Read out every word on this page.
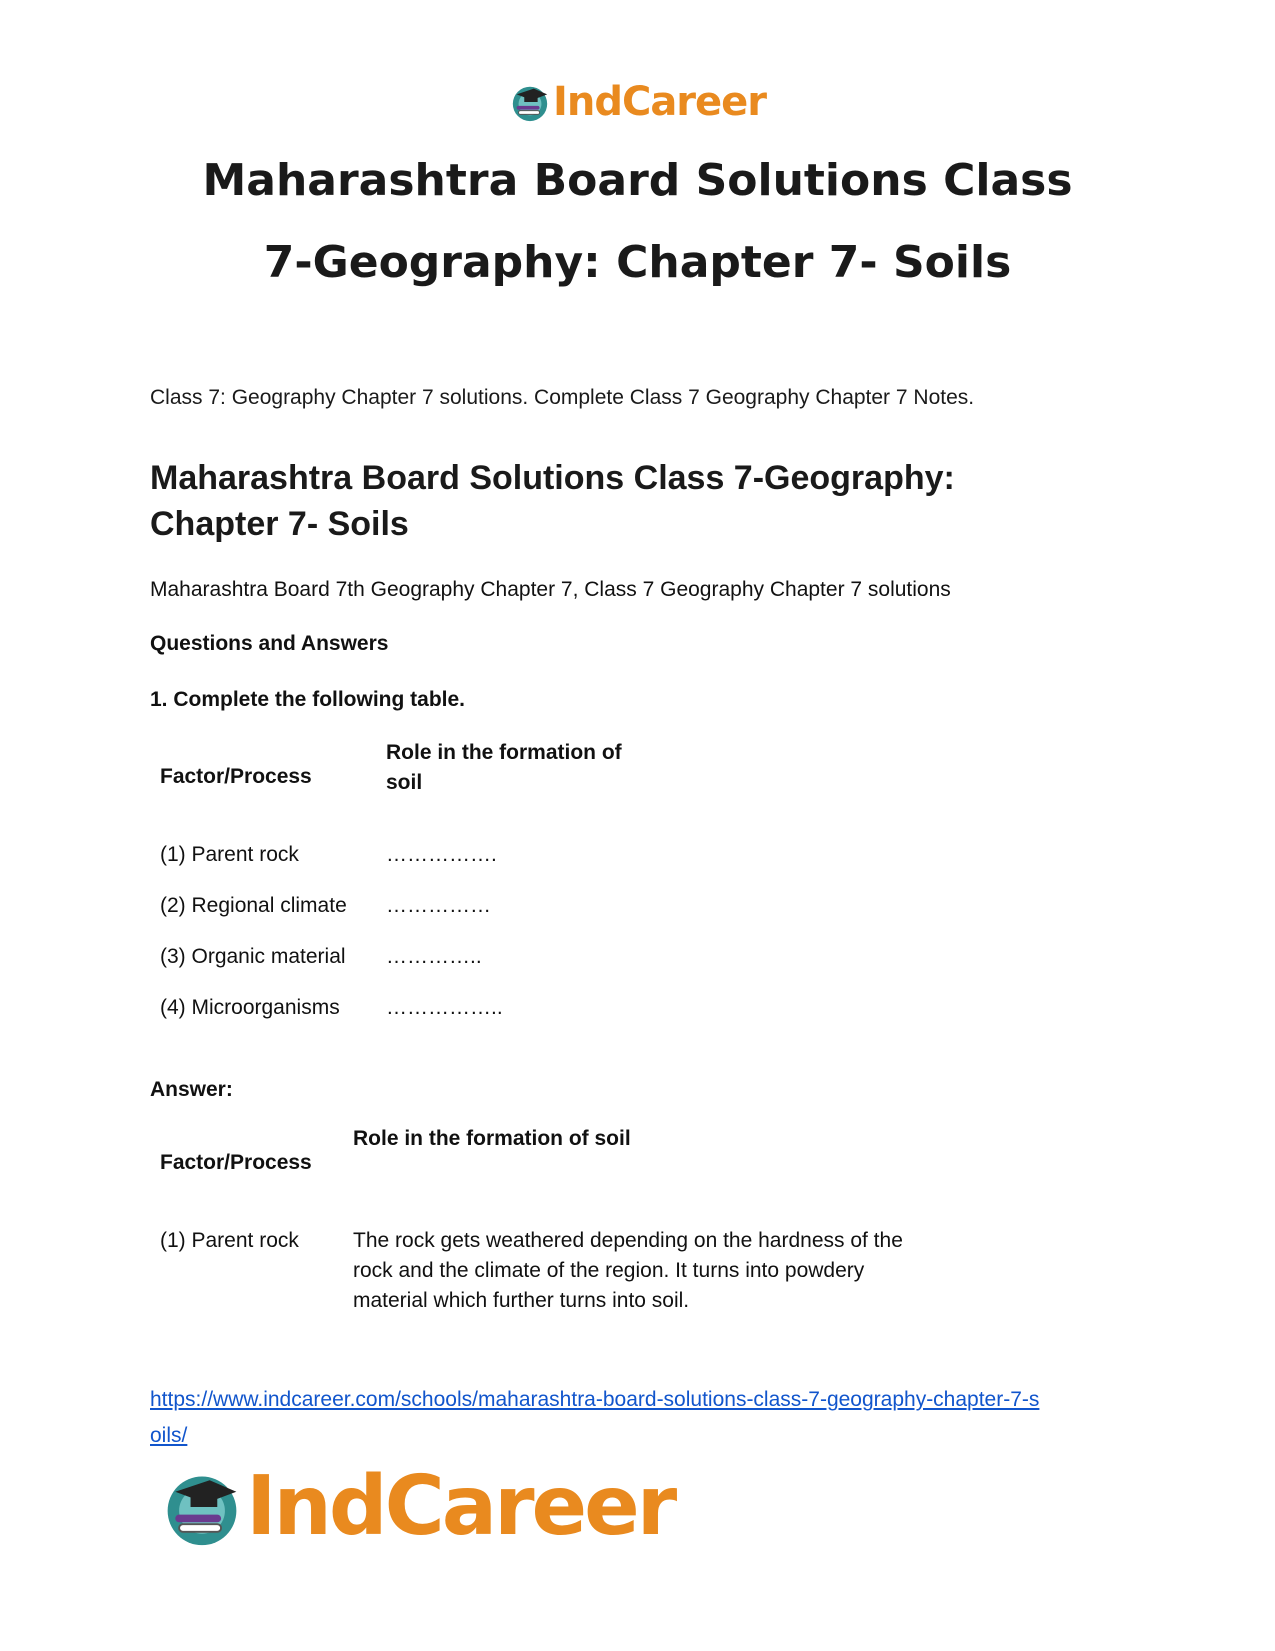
IndCareer
Maharashtra Board Solutions Class
7-Geography: Chapter 7- Soils
Class 7: Geography Chapter 7 solutions. Complete Class 7 Geography Chapter 7 Notes.
Maharashtra Board Solutions Class 7-Geography:
Chapter 7- Soils
Maharashtra Board 7th Geography Chapter 7, Class 7 Geography Chapter 7 solutions
Questions and Answers
1. Complete the following table.
Factor/Process
Role in the formation of
soil
(1) Parent rock	…………….
(2) Regional climate ……………
(3) Organic material …………..
(4) Microorganisms ……………..
Answer:
Factor/Process
Role in the formation of soil
(1) Parent rock	The rock gets weathered depending on the hardness of the
rock and the climate of the region. It turns into powdery
material which further turns into soil.
https://www.indcareer.com/schools/maharashtra-board-solutions-class-7-geography-chapter-7-s
oils/
IndCareer
